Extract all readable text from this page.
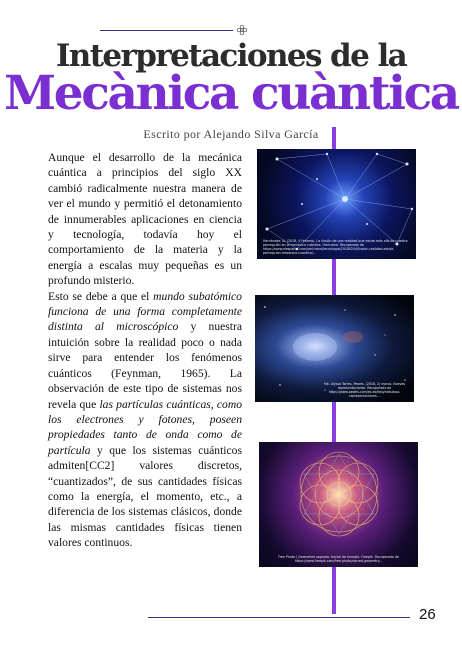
Interpretaciones de la
Mecànica cuàntica
Escrito por Alejando Silva García

Aunque el desarrollo de la mecánica cuántica a principios del siglo XX cambió radicalmente nuestra manera de ver el mundo y permitió el detonamiento de innumerables aplicaciones en ciencia y tecnología, todavía hoy el comportamiento de la materia y la energía a escalas muy pequeñas es un profundo misterio.

Esto se debe a que el mundo subatómico funciona de una forma completamente distinta al microscópico y nuestra intuición sobre la realidad poco o nada sirve para entender los fenómenos cuánticos (Feynman, 1965). La observación de este tipo de sistemas nos revela que las partículas cuánticas, como los electrones y fotones, poseen propiedades tanto de onda como de partícula y que los sistemas cuánticos admiten[CC2] valores discretos, “cuantizados”, de sus cantidades físicas como la energía, el momento, etc., a diferencia de los sistemas clásicos, donde las mismas cantidades físicas tienen valores continuos.

Hernández, N. (2018, 4 Febrero). La ilusión de una realidad que existe más allá de nuestra percepción en la mecánica cuántica. Omicrono. Recuperado de https://www.elespanol.com/omicrono/tecnologia/20180204/ilusion-realidad-existe-percepcion-mecanica-cuantica/...
Fot. Alyssa Torres, Pexels. (2018, 2) marzo. Nuevas representaciones. Recuperado de https://www.pexels.com/es-es/foto/nebulosa-representaciones...
Free Photo | Geometría sagrada, fractal de energía. Freepik. Recuperado de https://www.freepik.com/free-photo/sacred-geometry...
26
